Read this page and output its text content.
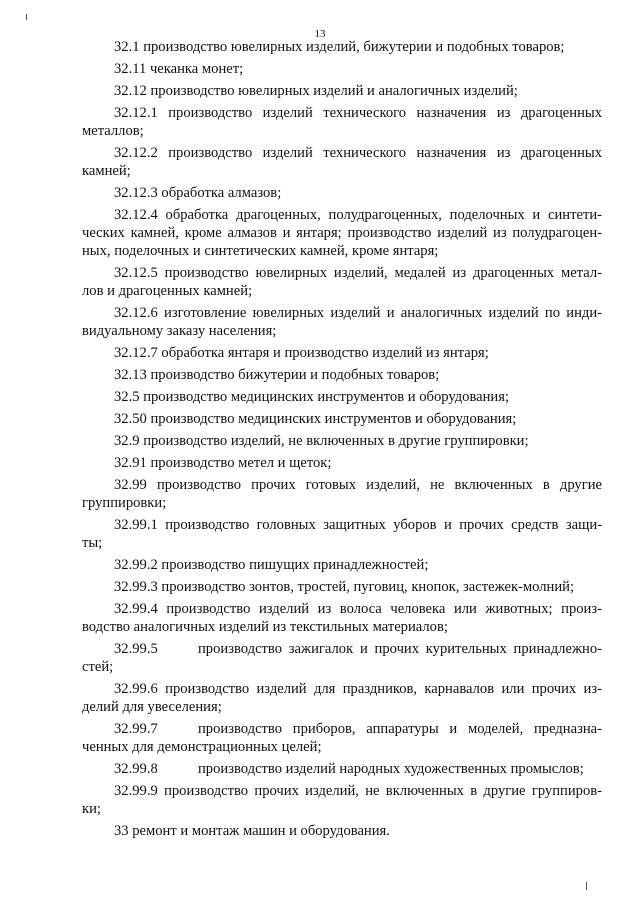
13
32.1 производство ювелирных изделий, бижутерии и подобных товаров;
32.11 чеканка монет;
32.12 производство ювелирных изделий и аналогичных изделий;
32.12.1 производство изделий технического назначения из драгоценных
металлов;
32.12.2 производство изделий технического назначения из драгоценных
камней;
32.12.3 обработка алмазов;
32.12.4 обработка драгоценных, полудрагоценных, поделочных и синтети-
ческих камней, кроме алмазов и янтаря; производство изделий из полудрагоцен-
ных, поделочных и синтетических камней, кроме янтаря;
32.12.5 производство ювелирных изделий, медалей из драгоценных метал-
лов и драгоценных камней;
32.12.6 изготовление ювелирных изделий и аналогичных изделий по инди-
видуальному заказу населения;
32.12.7 обработка янтаря и производство изделий из янтаря;
32.13 производство бижутерии и подобных товаров;
32.5 производство медицинских инструментов и оборудования;
32.50 производство медицинских инструментов и оборудования;
32.9 производство изделий, не включенных в другие группировки;
32.91 производство метел и щеток;
32.99 производство прочих готовых изделий, не включенных в другие
группировки;
32.99.1 производство головных защитных уборов и прочих средств защи-
ты;
32.99.2 производство пишущих принадлежностей;
32.99.3 производство зонтов, тростей, пуговиц, кнопок, застежек-молний;
32.99.4 производство изделий из волоса человека или животных; произ-
водство аналогичных изделий из текстильных материалов;
32.99.5	производство зажигалок и прочих курительных принадлежно-
стей;
32.99.6 производство изделий для праздников, карнавалов или прочих из-
делий для увеселения;
32.99.7	производство приборов, аппаратуры и моделей, предназна-
ченных для демонстрационных целей;
32.99.8	производство изделий народных художественных промыслов;
32.99.9 производство прочих изделий, не включенных в другие группиров-
ки;
33 ремонт и монтаж машин и оборудования.
